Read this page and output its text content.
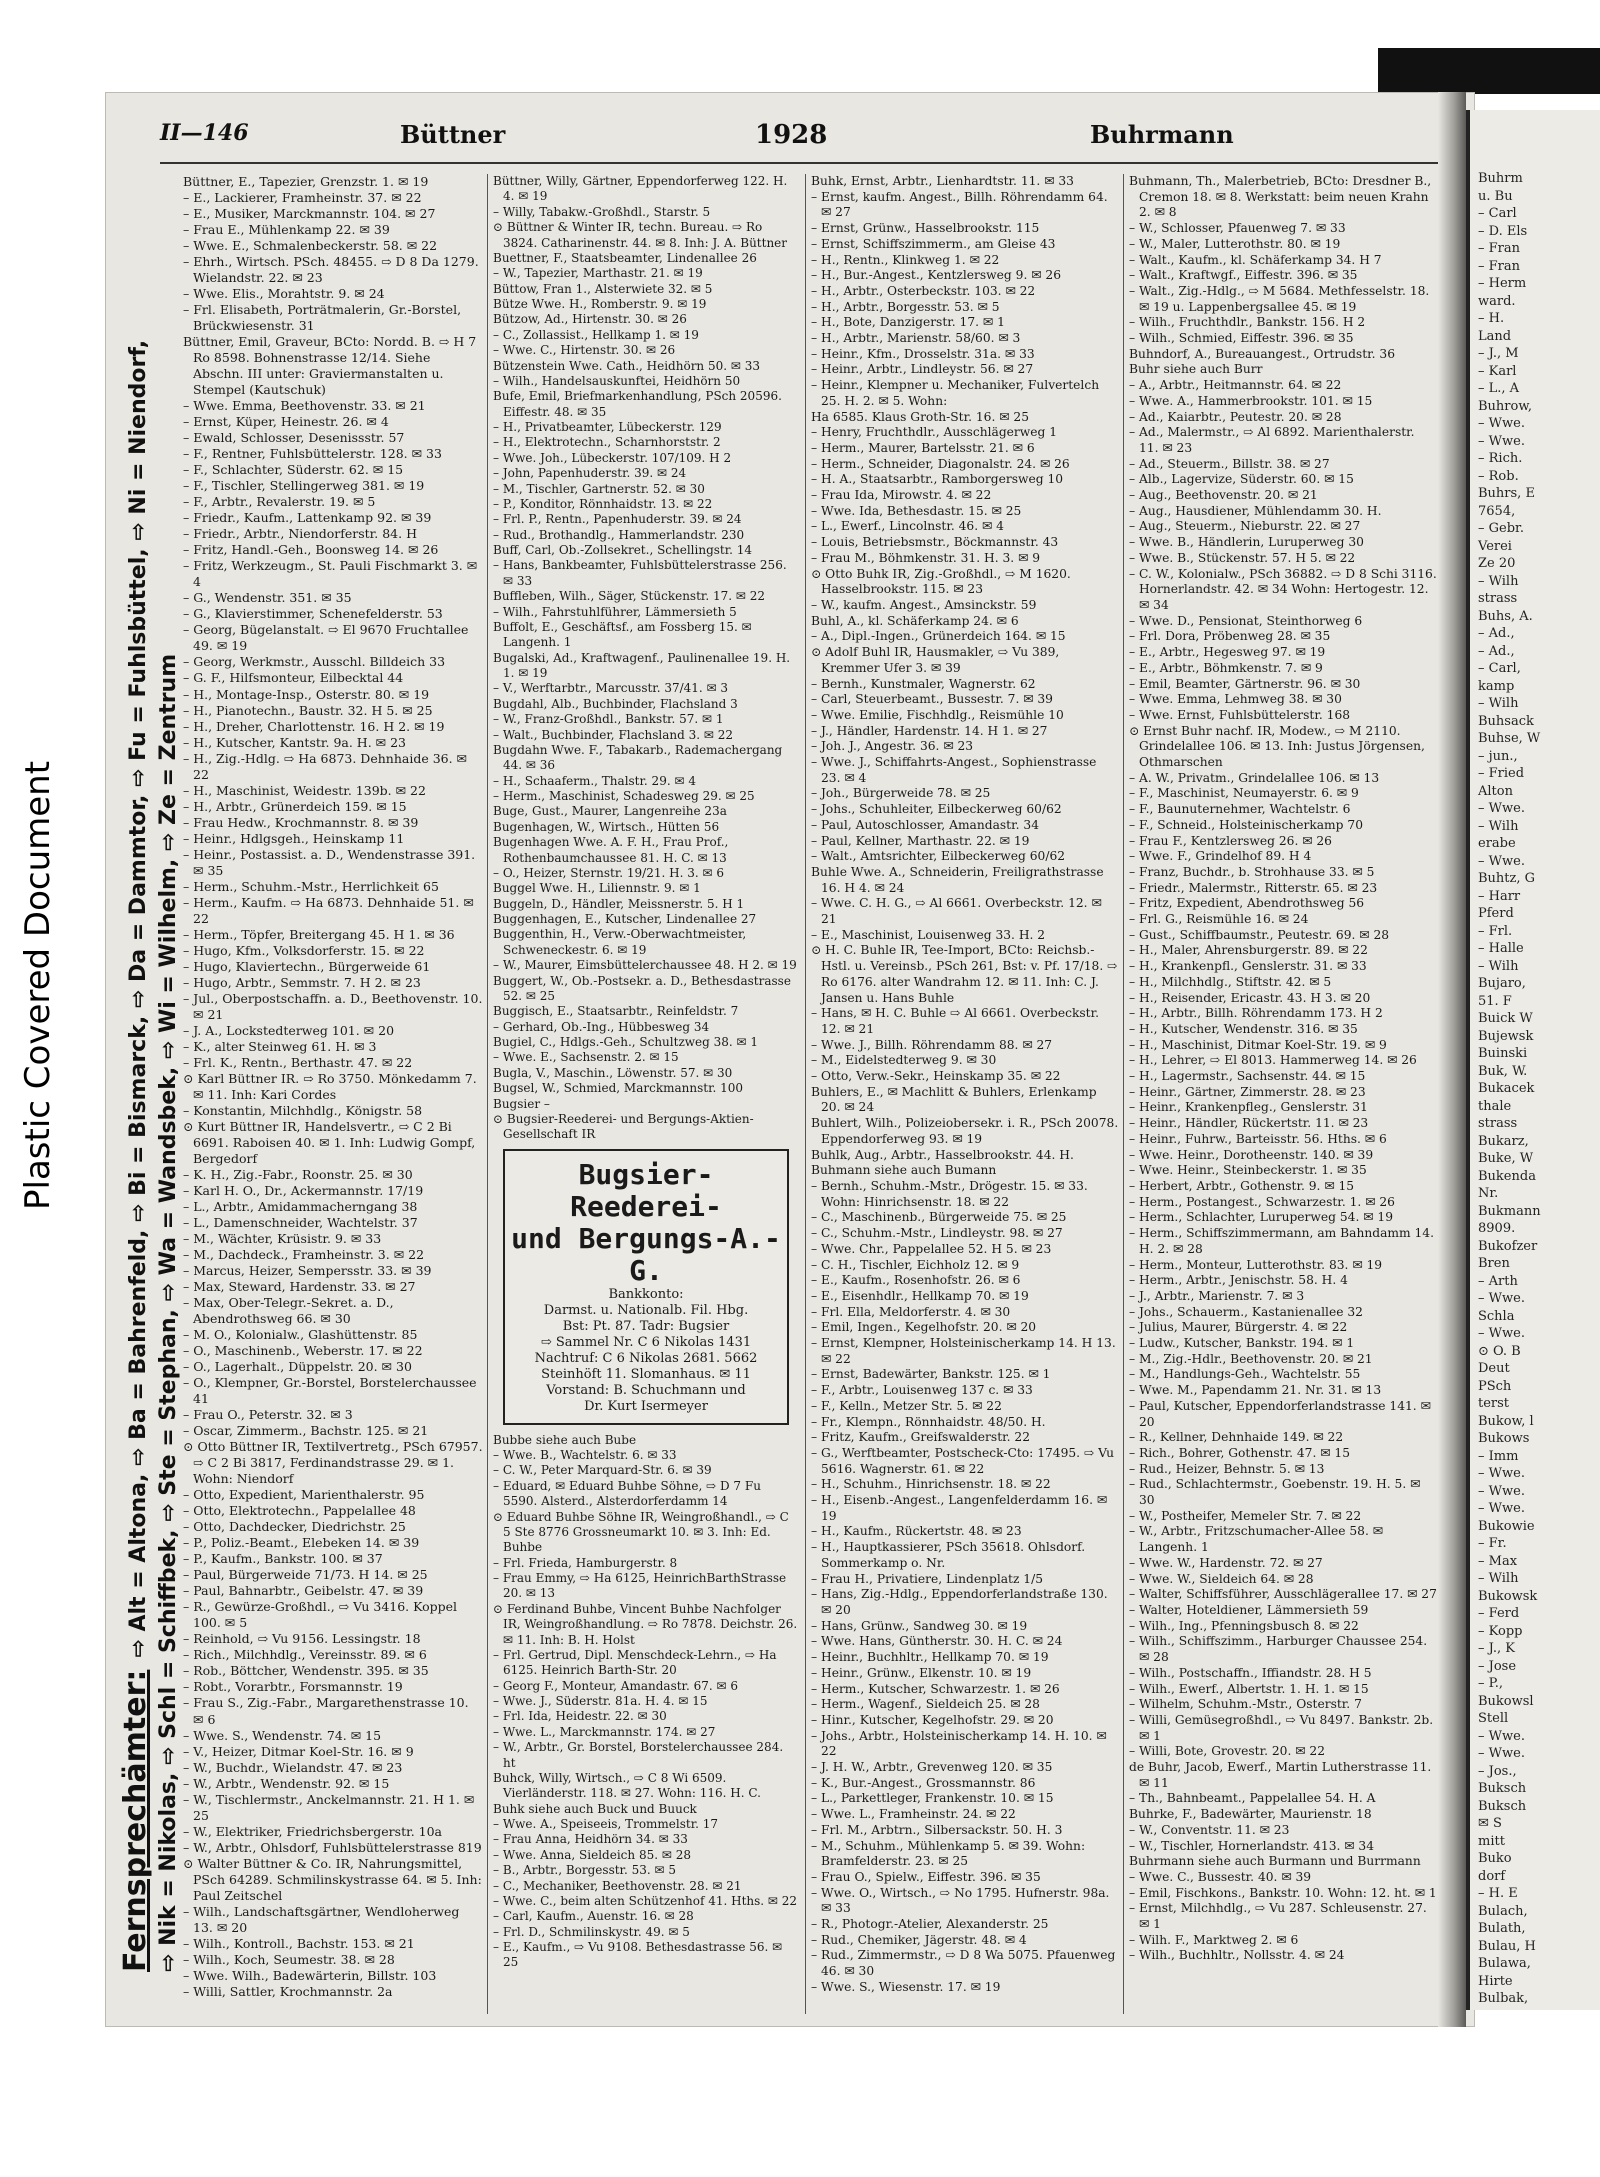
Plastic Covered Document
II—146	Büttner	1928	Buhrmann
Fernsprechämter:⇨ Alt = Altona, ⇨ Ba = Bahrenfeld, ⇨ Bi = Bismarck, ⇨ Da = Dammtor, ⇨ Fu = Fuhlsbüttel, ⇨ Ni = Niendorf, ⇨ Nik = Nikolas, ⇨ Schl = Schiffbek, ⇨ Ste = Stephan, ⇨ Wa = Wandsbek, ⇨ Wi = Wilhelm, ⇨ Ze = Zentrum
Büttner, E., Tapezier, Grenzstr. 1. ✉ 19
– E., Lackierer, Framheinstr. 37. ✉ 22
– E., Musiker, Marckmannstr. 104. ✉ 27
– Frau E., Mühlenkamp 22. ✉ 39
– Wwe. E., Schmalenbeckerstr. 58. ✉ 22
– Ehrh., Wirtsch. PSch. 48455. ⇨ D 8 Da 1279. Wielandstr. 22. ✉ 23
– Wwe. Elis., Morahtstr. 9. ✉ 24
– Frl. Elisabeth, Porträtmalerin, Gr.-Borstel, Brückwiesenstr. 31
Büttner, Emil, Graveur, BCto: Nordd. B. ⇨ H 7 Ro 8598. Bohnenstrasse 12/14. Siehe Abschn. III unter: Graviermanstalten u. Stempel (Kautschuk)
– Wwe. Emma, Beethovenstr. 33. ✉ 21
– Ernst, Küper, Heinestr. 26. ✉ 4
– Ewald, Schlosser, Desenissstr. 57
– F., Rentner, Fuhlsbüttelerstr. 128. ✉ 33
– F., Schlachter, Süderstr. 62. ✉ 15
– F., Tischler, Stellingerweg 381. ✉ 19
– F., Arbtr., Revalerstr. 19. ✉ 5
– Friedr., Kaufm., Lattenkamp 92. ✉ 39
– Friedr., Arbtr., Niendorferstr. 84. H
– Fritz, Handl.-Geh., Boonsweg 14. ✉ 26
– Fritz, Werkzeugm., St. Pauli Fischmarkt 3. ✉ 4
– G., Wendenstr. 351. ✉ 35
– G., Klavierstimmer, Schenefelderstr. 53
– Georg, Bügelanstalt. ⇨ El 9670 Fruchtallee 49. ✉ 19
– Georg, Werkmstr., Ausschl. Billdeich 33
– G. F., Hilfsmonteur, Eilbecktal 44
– H., Montage-Insp., Osterstr. 80. ✉ 19
– H., Pianotechn., Baustr. 32. H 5. ✉ 25
– H., Dreher, Charlottenstr. 16. H 2. ✉ 19
– H., Kutscher, Kantstr. 9a. H. ✉ 23
– H., Zig.-Hdlg. ⇨ Ha 6873. Dehnhaide 36. ✉ 22
– H., Maschinist, Weidestr. 139b. ✉ 22
– H., Arbtr., Grünerdeich 159. ✉ 15
– Frau Hedw., Krochmannstr. 8. ✉ 39
– Heinr., Hdlgsgeh., Heinskamp 11
– Heinr., Postassist. a. D., Wendenstrasse 391. ✉ 35
– Herm., Schuhm.-Mstr., Herrlichkeit 65
– Herm., Kaufm. ⇨ Ha 6873. Dehnhaide 51. ✉ 22
– Herm., Töpfer, Breitergang 45. H 1. ✉ 36
– Hugo, Kfm., Volksdorferstr. 15. ✉ 22
– Hugo, Klaviertechn., Bürgerweide 61
– Hugo, Arbtr., Semmstr. 7. H 2. ✉ 23
– Jul., Oberpostschaffn. a. D., Beethovenstr. 10. ✉ 21
– J. A., Lockstedterweg 101. ✉ 20
– K., alter Steinweg 61. H. ✉ 3
– Frl. K., Rentn., Berthastr. 47. ✉ 22
⊙ Karl Büttner IR. ⇨ Ro 3750. Mönkedamm 7. ✉ 11. Inh: Kari Cordes
– Konstantin, Milchhdlg., Königstr. 58
⊙ Kurt Büttner IR, Handelsvertr., ⇨ C 2 Bi 6691. Raboisen 40. ✉ 1. Inh: Ludwig Gompf, Bergedorf
– K. H., Zig.-Fabr., Roonstr. 25. ✉ 30
– Karl H. O., Dr., Ackermannstr. 17/19
– L., Arbtr., Amidammacherngang 38
– L., Damenschneider, Wachtelstr. 37
– M., Wächter, Krüsistr. 9. ✉ 33
– M., Dachdeck., Framheinstr. 3. ✉ 22
– Marcus, Heizer, Sempersstr. 33. ✉ 39
– Max, Steward, Hardenstr. 33. ✉ 27
– Max, Ober-Telegr.-Sekret. a. D., Abendrothsweg 66. ✉ 30
– M. O., Kolonialw., Glashüttenstr. 85
– O., Maschinenb., Weberstr. 17. ✉ 22
– O., Lagerhalt., Düppelstr. 20. ✉ 30
– O., Klempner, Gr.-Borstel, Borstelerchaussee 41
– Frau O., Peterstr. 32. ✉ 3
– Oscar, Zimmerm., Bachstr. 125. ✉ 21
⊙ Otto Büttner IR, Textilvertretg., PSch 67957. ⇨ C 2 Bi 3817, Ferdinandstrasse 29. ✉ 1. Wohn: Niendorf
– Otto, Expedient, Marienthalerstr. 95
– Otto, Elektrotechn., Pappelallee 48
– Otto, Dachdecker, Diedrichstr. 25
– P., Poliz.-Beamt., Elebeken 14. ✉ 39
– P., Kaufm., Bankstr. 100. ✉ 37
– Paul, Bürgerweide 71/73. H 14. ✉ 25
– Paul, Bahnarbtr., Geibelstr. 47. ✉ 39
– R., Gewürze-Großhdl., ⇨ Vu 3416. Koppel 100. ✉ 5
– Reinhold, ⇨ Vu 9156. Lessingstr. 18
– Rich., Milchhdlg., Vereinsstr. 89. ✉ 6
– Rob., Böttcher, Wendenstr. 395. ✉ 35
– Robt., Vorarbtr., Forsmannstr. 19
– Frau S., Zig.-Fabr., Margarethenstrasse 10. ✉ 6
– Wwe. S., Wendenstr. 74. ✉ 15
– V., Heizer, Ditmar Koel-Str. 16. ✉ 9
– W., Buchdr., Wielandstr. 47. ✉ 23
– W., Arbtr., Wendenstr. 92. ✉ 15
– W., Tischlermstr., Anckelmannstr. 21. H 1. ✉ 25
– W., Elektriker, Friedrichsbergerstr. 10a
– W., Arbtr., Ohlsdorf, Fuhlsbüttelerstrasse 819
⊙ Walter Büttner & Co. IR, Nahrungsmittel, PSch 64289. Schmilinskystrasse 64. ✉ 5. Inh: Paul Zeitschel
– Wilh., Landschaftsgärtner, Wendloherweg 13. ✉ 20
– Wilh., Kontroll., Bachstr. 153. ✉ 21
– Wilh., Koch, Seumestr. 38. ✉ 28
– Wwe. Wilh., Badewärterin, Billstr. 103
– Willi, Sattler, Krochmannstr. 2a
Büttner, Willy, Gärtner, Eppendorferweg 122. H. 4. ✉ 19
– Willy, Tabakw.-Großhdl., Starstr. 5
⊙ Büttner & Winter IR, techn. Bureau. ⇨ Ro 3824. Catharinenstr. 44. ✉ 8. Inh: J. A. Büttner
Buettner, F., Staatsbeamter, Lindenallee 26
– W., Tapezier, Marthastr. 21. ✉ 19
Büttow, Fran 1., Alsterwiete 32. ✉ 5
Bütze Wwe. H., Romberstr. 9. ✉ 19
Bützow, Ad., Hirtenstr. 30. ✉ 26
– C., Zollassist., Hellkamp 1. ✉ 19
– Wwe. C., Hirtenstr. 30. ✉ 26
Bützenstein Wwe. Cath., Heidhörn 50. ✉ 33
– Wilh., Handelsauskunftei, Heidhörn 50
Bufe, Emil, Briefmarkenhandlung, PSch 20596. Eiffestr. 48. ✉ 35
– H., Privatbeamter, Lübeckerstr. 129
– H., Elektrotechn., Scharnhorststr. 2
– Wwe. Joh., Lübeckerstr. 107/109. H 2
– John, Papenhuderstr. 39. ✉ 24
– M., Tischler, Gartnerstr. 52. ✉ 30
– P., Konditor, Rönnhaidstr. 13. ✉ 22
– Frl. P., Rentn., Papenhuderstr. 39. ✉ 24
– Rud., Brothandlg., Hammerlandstr. 230
Buff, Carl, Ob.-Zollsekret., Schellingstr. 14
– Hans, Bankbeamter, Fuhlsbüttelerstrasse 256. ✉ 33
Buffleben, Wilh., Säger, Stückenstr. 17. ✉ 22
– Wilh., Fahrstuhlführer, Lämmersieth 5
Buffolt, E., Geschäftsf., am Fossberg 15. ✉ Langenh. 1
Bugalski, Ad., Kraftwagenf., Paulinenallee 19. H. 1. ✉ 19
– V., Werftarbtr., Marcusstr. 37/41. ✉ 3
Bugdahl, Alb., Buchbinder, Flachsland 3
– W., Franz-Großhdl., Bankstr. 57. ✉ 1
– Walt., Buchbinder, Flachsland 3. ✉ 22
Bugdahn Wwe. F., Tabakarb., Rademachergang 44. ✉ 36
– H., Schaaferm., Thalstr. 29. ✉ 4
– Herm., Maschinist, Schadesweg 29. ✉ 25
Buge, Gust., Maurer, Langenreihe 23a
Bugenhagen, W., Wirtsch., Hütten 56
Bugenhagen Wwe. A. F. H., Frau Prof., Rothenbaumchaussee 81. H. C. ✉ 13
– O., Heizer, Sternstr. 19/21. H. 3. ✉ 6
Buggel Wwe. H., Liliennstr. 9. ✉ 1
Buggeln, D., Händler, Meissnerstr. 5. H 1
Buggenhagen, E., Kutscher, Lindenallee 27
Buggenthin, H., Verw.-Oberwachtmeister, Schweneckestr. 6. ✉ 19
– W., Maurer, Eimsbüttelerchaussee 48. H 2. ✉ 19
Buggert, W., Ob.-Postsekr. a. D., Bethesdastrasse 52. ✉ 25
Buggisch, E., Staatsarbtr., Reinfeldstr. 7
– Gerhard, Ob.-Ing., Hübbesweg 34
Bugiel, C., Hdlgs.-Geh., Schultzweg 38. ✉ 1
– Wwe. E., Sachsenstr. 2. ✉ 15
Bugla, V., Maschin., Löwenstr. 57. ✉ 30
Bugsel, W., Schmied, Marckmannstr. 100
Bugsier –
⊙ Bugsier-Reederei- und Bergungs-Aktien-Gesellschaft IR
Bugsier-Reederei-
und Bergungs-A.-G.
Bankkonto:
Darmst. u. Nationalb. Fil. Hbg.
Bst: Pt. 87. Tadr: Bugsier
⇨ Sammel Nr. C 6 Nikolas 1431
Nachtruf: C 6 Nikolas 2681. 5662
Steinhöft 11. Slomanhaus. ✉ 11
Vorstand: B. Schuchmann und
Dr. Kurt Isermeyer
Bubbe siehe auch Bube
– Wwe. B., Wachtelstr. 6. ✉ 33
– C. W., Peter Marquard-Str. 6. ✉ 39
– Eduard, ✉ Eduard Buhbe Söhne, ⇨ D 7 Fu 5590. Alsterd., Alsterdorferdamm 14
⊙ Eduard Buhbe Söhne IR, Weingroßhandl., ⇨ C 5 Ste 8776 Grossneumarkt 10. ✉ 3. Inh: Ed. Buhbe
– Frl. Frieda, Hamburgerstr. 8
– Frau Emmy, ⇨ Ha 6125, HeinrichBarthStrasse 20. ✉ 13
⊙ Ferdinand Buhbe, Vincent Buhbe Nachfolger IR, Weingroßhandlung. ⇨ Ro 7878. Deichstr. 26. ✉ 11. Inh: B. H. Holst
– Frl. Gertrud, Dipl. Menschdeck-Lehrn., ⇨ Ha 6125. Heinrich Barth-Str. 20
– Georg F., Monteur, Amandastr. 67. ✉ 6
– Wwe. J., Süderstr. 81a. H. 4. ✉ 15
– Frl. Ida, Heidestr. 22. ✉ 30
– Wwe. L., Marckmannstr. 174. ✉ 27
– W., Arbtr., Gr. Borstel, Borstelerchaussee 284. ht
Buhck, Willy, Wirtsch., ⇨ C 8 Wi 6509. Vierländerstr. 118. ✉ 27. Wohn: 116. H. C.
Buhk siehe auch Buck und Buuck
– Wwe. A., Speiseeis, Trommelstr. 17
– Frau Anna, Heidhörn 34. ✉ 33
– Wwe. Anna, Sieldeich 85. ✉ 28
– B., Arbtr., Borgesstr. 53. ✉ 5
– C., Mechaniker, Beethovenstr. 28. ✉ 21
– Wwe. C., beim alten Schützenhof 41. Hths. ✉ 22
– Carl, Kaufm., Auenstr. 16. ✉ 28
– Frl. D., Schmilinskystr. 49. ✉ 5
– E., Kaufm., ⇨ Vu 9108. Bethesdastrasse 56. ✉ 25
Buhk, Ernst, Arbtr., Lienhardtstr. 11. ✉ 33
– Ernst, kaufm. Angest., Billh. Röhrendamm 64. ✉ 27
– Ernst, Grünw., Hasselbrookstr. 115
– Ernst, Schiffszimmerm., am Gleise 43
– H., Rentn., Klinkweg 1. ✉ 22
– H., Bur.-Angest., Kentzlersweg 9. ✉ 26
– H., Arbtr., Osterbeckstr. 103. ✉ 22
– H., Arbtr., Borgesstr. 53. ✉ 5
– H., Bote, Danzigerstr. 17. ✉ 1
– H., Arbtr., Marienstr. 58/60. ✉ 3
– Heinr., Kfm., Drosselstr. 31a. ✉ 33
– Heinr., Arbtr., Lindleystr. 56. ✉ 27
– Heinr., Klempner u. Mechaniker, Fulvertelch 25. H. 2. ✉ 5. Wohn:
Ha 6585. Klaus Groth-Str. 16. ✉ 25
– Henry, Fruchthdlr., Ausschlägerweg 1
– Herm., Maurer, Bartelsstr. 21. ✉ 6
– Herm., Schneider, Diagonalstr. 24. ✉ 26
– H. A., Staatsarbtr., Ramborgersweg 10
– Frau Ida, Mirowstr. 4. ✉ 22
– Wwe. Ida, Bethesdastr. 15. ✉ 25
– L., Ewerf., Lincolnstr. 46. ✉ 4
– Louis, Betriebsmstr., Böckmannstr. 43
– Frau M., Böhmkenstr. 31. H. 3. ✉ 9
⊙ Otto Buhk IR, Zig.-Großhdl., ⇨ M 1620. Hasselbrookstr. 115. ✉ 23
– W., kaufm. Angest., Amsinckstr. 59
Buhl, A., kl. Schäferkamp 24. ✉ 6
– A., Dipl.-Ingen., Grünerdeich 164. ✉ 15
⊙ Adolf Buhl IR, Hausmakler, ⇨ Vu 389, Kremmer Ufer 3. ✉ 39
– Bernh., Kunstmaler, Wagnerstr. 62
– Carl, Steuerbeamt., Bussestr. 7. ✉ 39
– Wwe. Emilie, Fischhdlg., Reismühle 10
– J., Händler, Hardenstr. 14. H 1. ✉ 27
– Joh. J., Angestr. 36. ✉ 23
– Wwe. J., Schiffahrts-Angest., Sophienstrasse 23. ✉ 4
– Joh., Bürgerweide 78. ✉ 25
– Johs., Schuhleiter, Eilbeckerweg 60/62
– Paul, Autoschlosser, Amandastr. 34
– Paul, Kellner, Marthastr. 22. ✉ 19
– Walt., Amtsrichter, Eilbeckerweg 60/62
Buhle Wwe. A., Schneiderin, Freiligrathstrasse 16. H 4. ✉ 24
– Wwe. C. H. G., ⇨ Al 6661. Overbeckstr. 12. ✉ 21
– E., Maschinist, Louisenweg 33. H. 2
⊙ H. C. Buhle IR, Tee-Import, BCto: Reichsb.-Hstl. u. Vereinsb., PSch 261, Bst: v. Pf. 17/18. ⇨ Ro 6176. alter Wandrahm 12. ✉ 11. Inh: C. J. Jansen u. Hans Buhle
– Hans, ✉ H. C. Buhle ⇨ Al 6661. Overbeckstr. 12. ✉ 21
– Wwe. J., Billh. Röhrendamm 88. ✉ 27
– M., Eidelstedterweg 9. ✉ 30
– Otto, Verw.-Sekr., Heinskamp 35. ✉ 22
Buhlers, E., ✉ Machlitt & Buhlers, Erlenkamp 20. ✉ 24
Buhlert, Wilh., Polizeiobersekr. i. R., PSch 20078. Eppendorferweg 93. ✉ 19
Buhlk, Aug., Arbtr., Hasselbrookstr. 44. H.
Buhmann siehe auch Bumann
– Bernh., Schuhm.-Mstr., Drögestr. 15. ✉ 33. Wohn: Hinrichsenstr. 18. ✉ 22
– C., Maschinenb., Bürgerweide 75. ✉ 25
– C., Schuhm.-Mstr., Lindleystr. 98. ✉ 27
– Wwe. Chr., Pappelallee 52. H 5. ✉ 23
– C. H., Tischler, Eichholz 12. ✉ 9
– E., Kaufm., Rosenhofstr. 26. ✉ 6
– E., Eisenhdlr., Hellkamp 70. ✉ 19
– Frl. Ella, Meldorferstr. 4. ✉ 30
– Emil, Ingen., Kegelhofstr. 20. ✉ 20
– Ernst, Klempner, Holsteinischerkamp 14. H 13. ✉ 22
– Ernst, Badewärter, Bankstr. 125. ✉ 1
– F., Arbtr., Louisenweg 137 c. ✉ 33
– F., Kelln., Metzer Str. 5. ✉ 22
– Fr., Klempn., Rönnhaidstr. 48/50. H.
– Fritz, Kaufm., Greifswalderstr. 22
– G., Werftbeamter, Postscheck-Cto: 17495. ⇨ Vu 5616. Wagnerstr. 61. ✉ 22
– H., Schuhm., Hinrichsenstr. 18. ✉ 22
– H., Eisenb.-Angest., Langenfelderdamm 16. ✉ 19
– H., Kaufm., Rückertstr. 48. ✉ 23
– H., Hauptkassierer, PSch 35618. Ohlsdorf. Sommerkamp o. Nr.
– Frau H., Privatiere, Lindenplatz 1/5
– Hans, Zig.-Hdlg., Eppendorferlandstraße 130. ✉ 20
– Hans, Grünw., Sandweg 30. ✉ 19
– Wwe. Hans, Güntherstr. 30. H. C. ✉ 24
– Heinr., Buchhltr., Hellkamp 70. ✉ 19
– Heinr., Grünw., Elkenstr. 10. ✉ 19
– Herm., Kutscher, Schwarzestr. 1. ✉ 26
– Herm., Wagenf., Sieldeich 25. ✉ 28
– Hinr., Kutscher, Kegelhofstr. 29. ✉ 20
– Johs., Arbtr., Holsteinischerkamp 14. H. 10. ✉ 22
– J. H. W., Arbtr., Grevenweg 120. ✉ 35
– K., Bur.-Angest., Grossmannstr. 86
– L., Parkettleger, Frankenstr. 10. ✉ 15
– Wwe. L., Framheinstr. 24. ✉ 22
– Frl. M., Arbtrn., Silbersackstr. 50. H. 3
– M., Schuhm., Mühlenkamp 5. ✉ 39. Wohn: Bramfelderstr. 23. ✉ 25
– Frau O., Spielw., Eiffestr. 396. ✉ 35
– Wwe. O., Wirtsch., ⇨ No 1795. Hufnerstr. 98a. ✉ 33
– R., Photogr.-Atelier, Alexanderstr. 25
– Rud., Chemiker, Jägerstr. 48. ✉ 4
– Rud., Zimmermstr., ⇨ D 8 Wa 5075. Pfauenweg 46. ✉ 30
– Wwe. S., Wiesenstr. 17. ✉ 19
Buhmann, Th., Malerbetrieb, BCto: Dresdner B., Cremon 18. ✉ 8. Werkstatt: beim neuen Krahn 2. ✉ 8
– W., Schlosser, Pfauenweg 7. ✉ 33
– W., Maler, Lutterothstr. 80. ✉ 19
– Walt., Kaufm., kl. Schäferkamp 34. H 7
– Walt., Kraftwgf., Eiffestr. 396. ✉ 35
– Walt., Zig.-Hdlg., ⇨ M 5684. Methfesselstr. 18. ✉ 19 u. Lappenbergsallee 45. ✉ 19
– Wilh., Fruchthdlr., Bankstr. 156. H 2
– Wilh., Schmied, Eiffestr. 396. ✉ 35
Buhndorf, A., Bureauangest., Ortrudstr. 36
Buhr siehe auch Burr
– A., Arbtr., Heitmannstr. 64. ✉ 22
– Wwe. A., Hammerbrookstr. 101. ✉ 15
– Ad., Kaiarbtr., Peutestr. 20. ✉ 28
– Ad., Malermstr., ⇨ Al 6892. Marienthalerstr. 11. ✉ 23
– Ad., Steuerm., Billstr. 38. ✉ 27
– Alb., Lagervize, Süderstr. 60. ✉ 15
– Aug., Beethovenstr. 20. ✉ 21
– Aug., Hausdiener, Mühlendamm 30. H.
– Aug., Steuerm., Nieburstr. 22. ✉ 27
– Wwe. B., Händlerin, Luruperweg 30
– Wwe. B., Stückenstr. 57. H 5. ✉ 22
– C. W., Kolonialw., PSch 36882. ⇨ D 8 Schi 3116. Hornerlandstr. 42. ✉ 34 Wohn: Hertogestr. 12. ✉ 34
– Wwe. D., Pensionat, Steinthorweg 6
– Frl. Dora, Pröbenweg 28. ✉ 35
– E., Arbtr., Hegesweg 97. ✉ 19
– E., Arbtr., Böhmkenstr. 7. ✉ 9
– Emil, Beamter, Gärtnerstr. 96. ✉ 30
– Wwe. Emma, Lehmweg 38. ✉ 30
– Wwe. Ernst, Fuhlsbüttelerstr. 168
⊙ Ernst Buhr nachf. IR, Modew., ⇨ M 2110. Grindelallee 106. ✉ 13. Inh: Justus Jörgensen, Othmarschen
– A. W., Privatm., Grindelallee 106. ✉ 13
– F., Maschinist, Neumayerstr. 6. ✉ 9
– F., Baunuternehmer, Wachtelstr. 6
– F., Schneid., Holsteinischerkamp 70
– Frau F., Kentzlersweg 26. ✉ 26
– Wwe. F., Grindelhof 89. H 4
– Franz, Buchdr., b. Strohhause 33. ✉ 5
– Friedr., Malermstr., Ritterstr. 65. ✉ 23
– Fritz, Expedient, Abendrothsweg 56
– Frl. G., Reismühle 16. ✉ 24
– Gust., Schiffbaumstr., Peutestr. 69. ✉ 28
– H., Maler, Ahrensburgerstr. 89. ✉ 22
– H., Krankenpfl., Genslerstr. 31. ✉ 33
– H., Milchhdlg., Stiftstr. 42. ✉ 5
– H., Reisender, Ericastr. 43. H 3. ✉ 20
– H., Arbtr., Billh. Röhrendamm 173. H 2
– H., Kutscher, Wendenstr. 316. ✉ 35
– H., Maschinist, Ditmar Koel-Str. 19. ✉ 9
– H., Lehrer, ⇨ El 8013. Hammerweg 14. ✉ 26
– H., Lagermstr., Sachsenstr. 44. ✉ 15
– Heinr., Gärtner, Zimmerstr. 28. ✉ 23
– Heinr., Krankenpfleg., Genslerstr. 31
– Heinr., Händler, Rückertstr. 11. ✉ 23
– Heinr., Fuhrw., Barteisstr. 56. Hths. ✉ 6
– Wwe. Heinr., Dorotheenstr. 140. ✉ 39
– Wwe. Heinr., Steinbeckerstr. 1. ✉ 35
– Herbert, Arbtr., Gothenstr. 9. ✉ 15
– Herm., Postangest., Schwarzestr. 1. ✉ 26
– Herm., Schlachter, Luruperweg 54. ✉ 19
– Herm., Schiffszimmermann, am Bahndamm 14. H. 2. ✉ 28
– Herm., Monteur, Lutterothstr. 83. ✉ 19
– Herm., Arbtr., Jenischstr. 58. H. 4
– J., Arbtr., Marienstr. 7. ✉ 3
– Johs., Schauerm., Kastanienallee 32
– Julius, Maurer, Bürgerstr. 4. ✉ 22
– Ludw., Kutscher, Bankstr. 194. ✉ 1
– M., Zig.-Hdlr., Beethovenstr. 20. ✉ 21
– M., Handlungs-Geh., Wachtelstr. 55
– Wwe. M., Papendamm 21. Nr. 31. ✉ 13
– Paul, Kutscher, Eppendorferlandstrasse 141. ✉ 20
– R., Kellner, Dehnhaide 149. ✉ 22
– Rich., Bohrer, Gothenstr. 47. ✉ 15
– Rud., Heizer, Behnstr. 5. ✉ 13
– Rud., Schlachtermstr., Goebenstr. 19. H. 5. ✉ 30
– W., Postheifer, Memeler Str. 7. ✉ 22
– W., Arbtr., Fritzschumacher-Allee 58. ✉ Langenh. 1
– Wwe. W., Hardenstr. 72. ✉ 27
– Wwe. W., Sieldeich 64. ✉ 28
– Walter, Schiffsführer, Ausschlägerallee 17. ✉ 27
– Walter, Hoteldiener, Lämmersieth 59
– Wilh., Ing., Pfenningsbusch 8. ✉ 22
– Wilh., Schiffszimm., Harburger Chaussee 254. ✉ 28
– Wilh., Postschaffn., Iffiandstr. 28. H 5
– Wilh., Ewerf., Albertstr. 1. H. 1. ✉ 15
– Wilhelm, Schuhm.-Mstr., Osterstr. 7
– Willi, Gemüsegroßhdl., ⇨ Vu 8497. Bankstr. 2b. ✉ 1
– Willi, Bote, Grovestr. 20. ✉ 22
de Buhr, Jacob, Ewerf., Martin Lutherstrasse 11. ✉ 11
– Th., Bahnbeamt., Pappelallee 54. H. A
Buhrke, F., Badewärter, Maurienstr. 18
– W., Conventstr. 11. ✉ 23
– W., Tischler, Hornerlandstr. 413. ✉ 34
Buhrmann siehe auch Burmann und Burrmann
– Wwe. C., Bussestr. 40. ✉ 39
– Emil, Fischkons., Bankstr. 10. Wohn: 12. ht. ✉ 1
– Ernst, Milchhdlg., ⇨ Vu 287. Schleusenstr. 27. ✉ 1
– Wilh. F., Marktweg 2. ✉ 6
– Wilh., Buchhltr., Nollsstr. 4. ✉ 24
Buhrm
u. Bu
– Carl
– D. Els
– Fran
– Fran
– Herm
ward.
– H.
Land
– J., M
– Karl
– L., A
Buhrow,
– Wwe.
– Wwe.
– Rich.
– Rob.
Buhrs, E
7654,
– Gebr.
Verei
Ze 20
– Wilh
strass
Buhs, A.
– Ad.,
– Ad.,
– Carl,
kamp
– Wilh
Buhsack
Buhse, W
– jun.,
– Fried
Alton
– Wwe.
– Wilh
erabe
– Wwe.
Buhtz, G
– Harr
Pferd
– Frl.
– Halle
– Wilh
Bujaro,
51. F
Buick W
Bujewsk
Buinski
Buk, W.
Bukacek
thale
strass
Bukarz,
Buke, W
Bukenda
Nr.
Bukmann
8909.
Bukofzer
Bren
– Arth
– Wwe.
Schla
– Wwe.
⊙ O. B
Deut
PSch
terst
Bukow, l
Bukows
– Imm
– Wwe.
– Wwe.
– Wwe.
Bukowie
– Fr.
– Max
– Wilh
Bukowsk
– Ferd
– Kopp
– J., K
– Jose
– P.,
Bukowsl
Stell
– Wwe.
– Wwe.
– Jos.,
Buksch
Buksch
✉ S
mitt
Buko
dorf
– H. E
Bulach,
Bulath,
Bulau, H
Bulawa,
Hirte
Bulbak,
